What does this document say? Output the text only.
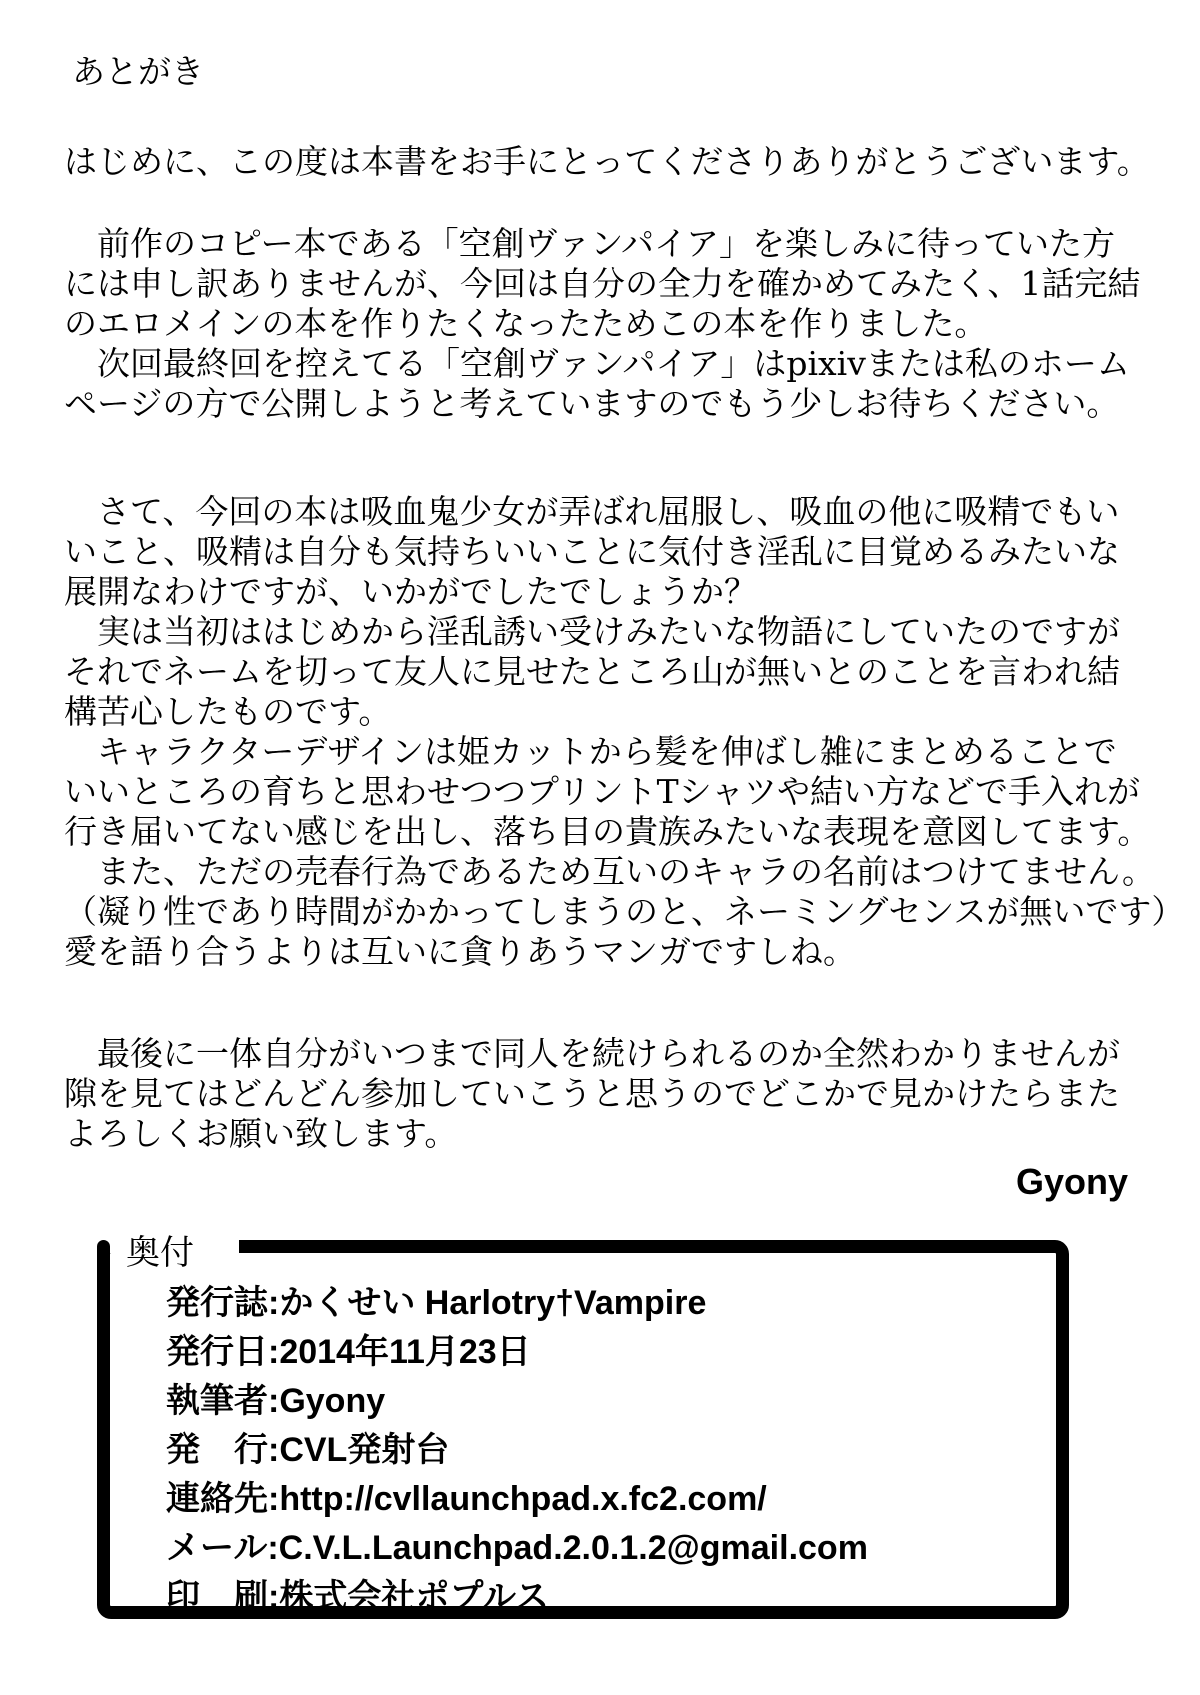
あとがき
はじめに、この度は本書をお手にとってくださりありがとうございます。
　前作のコピー本である「空創ヴァンパイア」を楽しみに待っていた方
には申し訳ありませんが、今回は自分の全力を確かめてみたく、1話完結
のエロメインの本を作りたくなったためこの本を作りました。
　次回最終回を控えてる「空創ヴァンパイア」はpixivまたは私のホーム
ページの方で公開しようと考えていますのでもう少しお待ちください。
　さて、今回の本は吸血鬼少女が弄ばれ屈服し、吸血の他に吸精でもい
いこと、吸精は自分も気持ちいいことに気付き淫乱に目覚めるみたいな
展開なわけですが、いかがでしたでしょうか？
　実は当初ははじめから淫乱誘い受けみたいな物語にしていたのですが
それでネームを切って友人に見せたところ山が無いとのことを言われ結
構苦心したものです。
　キャラクターデザインは姫カットから髪を伸ばし雑にまとめることで
いいところの育ちと思わせつつプリントTシャツや結い方などで手入れが
行き届いてない感じを出し、落ち目の貴族みたいな表現を意図してます。
　また、ただの売春行為であるため互いのキャラの名前はつけてません。
（凝り性であり時間がかかってしまうのと、ネーミングセンスが無いです）
愛を語り合うよりは互いに貪りあうマンガですしね。
　最後に一体自分がいつまで同人を続けられるのか全然わかりませんが
隙を見てはどんどん参加していこうと思うのでどこかで見かけたらまた
よろしくお願い致します。
Gyony
奥付
発行誌:かくせい Harlotry†Vampire
発行日:2014年11月23日
執筆者:Gyony
発　行:CVL発射台
連絡先:http://cvllaunchpad.x.fc2.com/
メール:C.V.L.Launchpad.2.0.1.2@gmail.com
印　刷:株式会社ポプルス
